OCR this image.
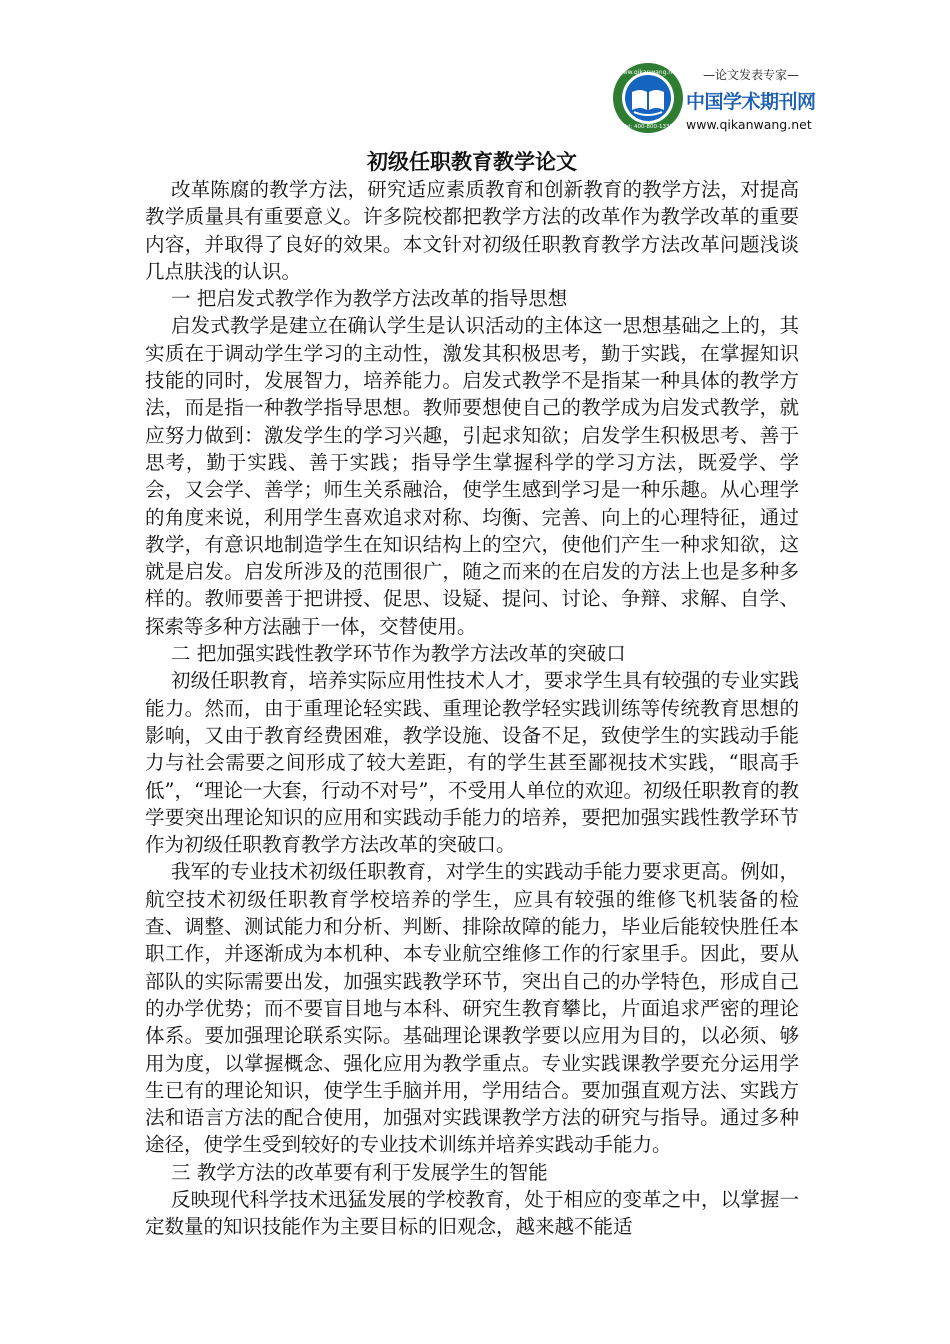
www.qikanwang.net
Tel: 400-800-1331
—论文发表专家—
中国学术期刊网
www.qikanwang.net
初级任职教育教学论文

改革陈腐的教学方法，研究适应素质教育和创新教育的教学方法，对提高教学质量具有重要意义。许多院校都把教学方法的改革作为教学改革的重要内容，并取得了良好的效果。本文针对初级任职教育教学方法改革问题浅谈几点肤浅的认识。

一 把启发式教学作为教学方法改革的指导思想

启发式教学是建立在确认学生是认识活动的主体这一思想基础之上的，其实质在于调动学生学习的主动性，激发其积极思考，勤于实践，在掌握知识技能的同时，发展智力，培养能力。启发式教学不是指某一种具体的教学方法，而是指一种教学指导思想。教师要想使自己的教学成为启发式教学，就应努力做到：激发学生的学习兴趣，引起求知欲；启发学生积极思考、善于思考，勤于实践、善于实践；指导学生掌握科学的学习方法，既爱学、学会，又会学、善学；师生关系融洽，使学生感到学习是一种乐趣。从心理学的角度来说，利用学生喜欢追求对称、均衡、完善、向上的心理特征，通过教学，有意识地制造学生在知识结构上的空穴，使他们产生一种求知欲，这就是启发。启发所涉及的范围很广，随之而来的在启发的方法上也是多种多样的。教师要善于把讲授、促思、设疑、提问、讨论、争辩、求解、自学、探索等多种方法融于一体，交替使用。

二 把加强实践性教学环节作为教学方法改革的突破口

初级任职教育，培养实际应用性技术人才，要求学生具有较强的专业实践能力。然而，由于重理论轻实践、重理论教学轻实践训练等传统教育思想的影响，又由于教育经费困难，教学设施、设备不足，致使学生的实践动手能力与社会需要之间形成了较大差距，有的学生甚至鄙视技术实践，“眼高手低”，“理论一大套，行动不对号”，不受用人单位的欢迎。初级任职教育的教学要突出理论知识的应用和实践动手能力的培养，要把加强实践性教学环节作为初级任职教育教学方法改革的突破口。

我军的专业技术初级任职教育，对学生的实践动手能力要求更高。例如，航空技术初级任职教育学校培养的学生，应具有较强的维修飞机装备的检查、调整、测试能力和分析、判断、排除故障的能力，毕业后能较快胜任本职工作，并逐渐成为本机种、本专业航空维修工作的行家里手。因此，要从部队的实际需要出发，加强实践教学环节，突出自己的办学特色，形成自己的办学优势；而不要盲目地与本科、研究生教育攀比，片面追求严密的理论体系。要加强理论联系实际。基础理论课教学要以应用为目的，以必须、够用为度，以掌握概念、强化应用为教学重点。专业实践课教学要充分运用学生已有的理论知识，使学生手脑并用，学用结合。要加强直观方法、实践方法和语言方法的配合使用，加强对实践课教学方法的研究与指导。通过多种途径，使学生受到较好的专业技术训练并培养实践动手能力。

三 教学方法的改革要有利于发展学生的智能

反映现代科学技术迅猛发展的学校教育，处于相应的变革之中，以掌握一定数量的知识技能作为主要目标的旧观念，越来越不能适
